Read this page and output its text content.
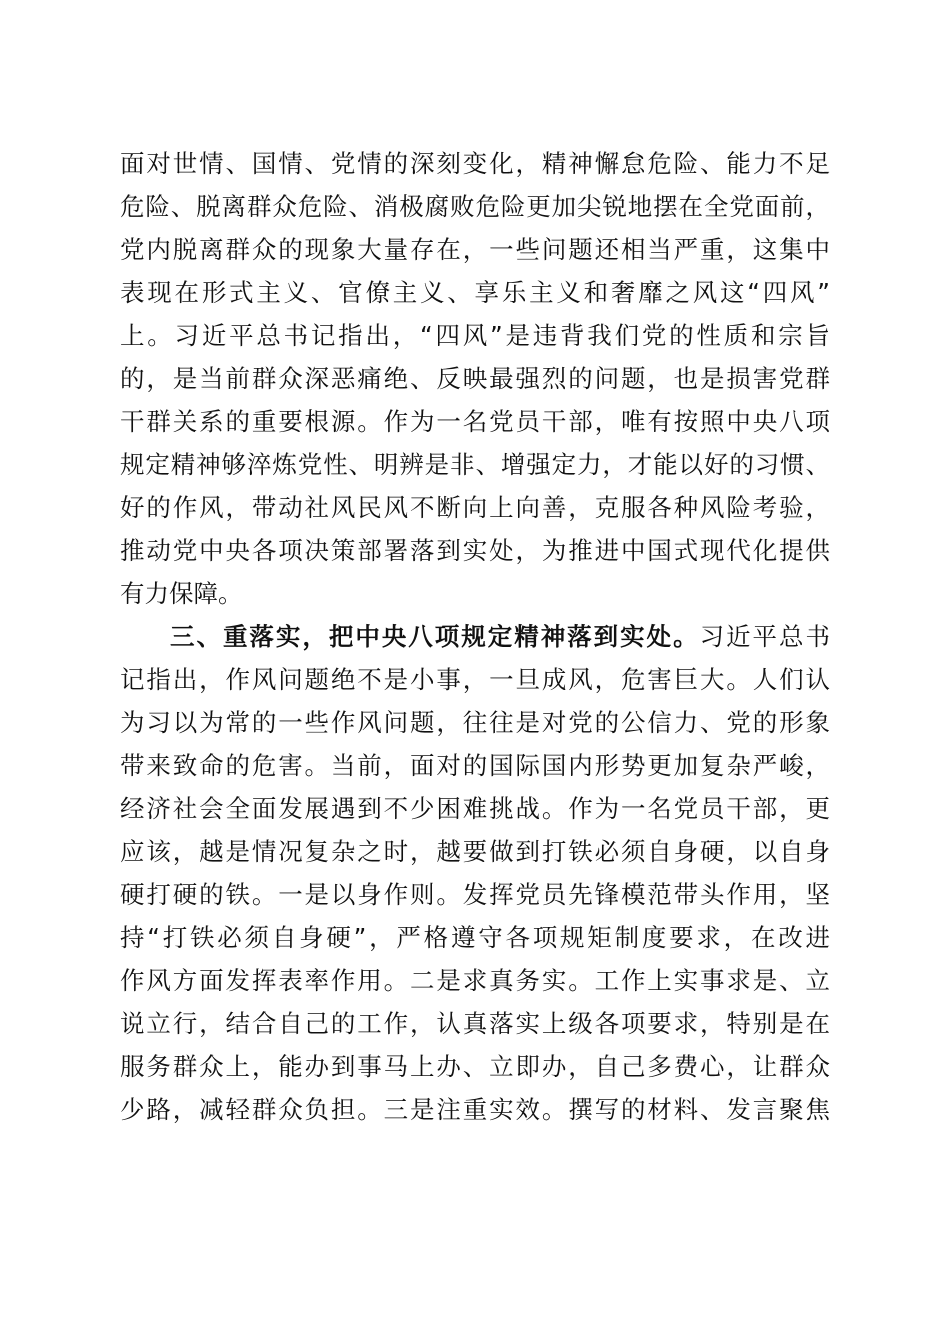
面对世情、国情、党情的深刻变化，精神懈怠危险、能力不足
危险、脱离群众危险、消极腐败危险更加尖锐地摆在全党面前，
党内脱离群众的现象大量存在，一些问题还相当严重，这集中
表现在形式主义、官僚主义、享乐主义和奢靡之风这“四风”
上。习近平总书记指出，“四风”是违背我们党的性质和宗旨
的，是当前群众深恶痛绝、反映最强烈的问题，也是损害党群
干群关系的重要根源。作为一名党员干部，唯有按照中央八项
规定精神够淬炼党性、明辨是非、增强定力，才能以好的习惯、
好的作风，带动社风民风不断向上向善，克服各种风险考验，
推动党中央各项决策部署落到实处，为推进中国式现代化提供
有力保障。
三、重落实，把中央八项规定精神落到实处。习近平总书
记指出，作风问题绝不是小事，一旦成风，危害巨大。人们认
为习以为常的一些作风问题，往往是对党的公信力、党的形象
带来致命的危害。当前，面对的国际国内形势更加复杂严峻，
经济社会全面发展遇到不少困难挑战。作为一名党员干部，更
应该，越是情况复杂之时，越要做到打铁必须自身硬，以自身
硬打硬的铁。一是以身作则。发挥党员先锋模范带头作用，坚
持“打铁必须自身硬”，严格遵守各项规矩制度要求，在改进
作风方面发挥表率作用。二是求真务实。工作上实事求是、立
说立行，结合自己的工作，认真落实上级各项要求，特别是在
服务群众上，能办到事马上办、立即办，自己多费心，让群众
少路，减轻群众负担。三是注重实效。撰写的材料、发言聚焦
